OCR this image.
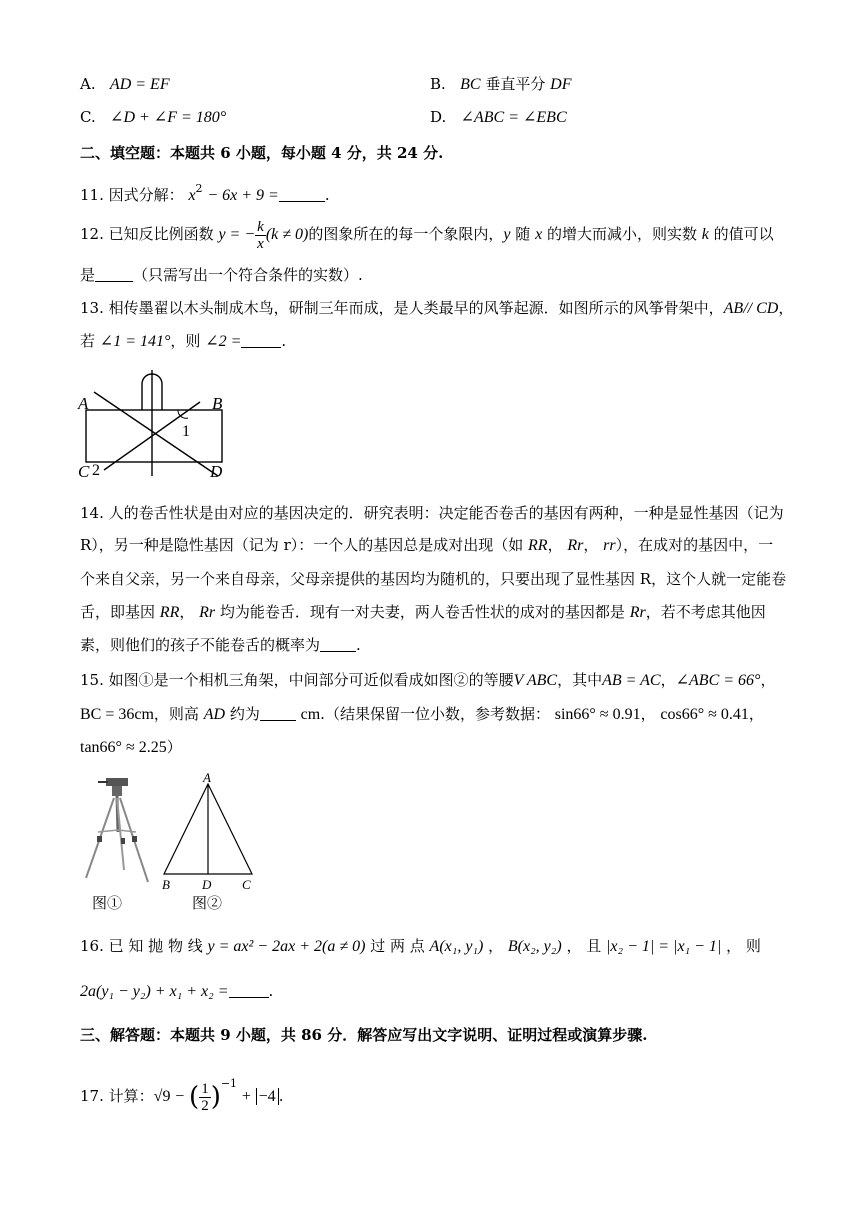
A. AD = EF	B. BC 垂直平分 DF
C. ∠D + ∠F = 180°	D. ∠ABC = ∠EBC
二、填空题：本题共 6 小题，每小题 4 分，共 24 分.
11. 因式分解： $x^2 - 6x + 9$ =	.
12. 已知反比例函数 y = − $\frac{k}{x} (k \ne 0)$的图象所在的每一个象限内，y 随 x 的增大而减小，则实数 k 的值可以
是	（只需写出一个符合条件的实数）.
13. 相传墨翟以木头制成木鸟，研制三年而成，是人类最早的风筝起源．如图所示的风筝骨架中，AB// CD，
若 ∠1 = 141°，则 ∠2 =	.
A	B
C	D
1
2
14. 人的卷舌性状是由对应的基因决定的．研究表明：决定能否卷舌的基因有两种，一种是显性基因（记为
R），另一种是隐性基因（记为 r）：一个人的基因总是成对出现（如 RR， Rr， rr），在成对的基因中，一
个来自父亲，另一个来自母亲，父母亲提供的基因均为随机的，只要出现了显性基因 R，这个人就一定能卷
舌，即基因 RR， Rr 均为能卷舌．现有一对夫妻，两人卷舌性状的成对的基因都是 Rr，若不考虑其他因
素，则他们的孩子不能卷舌的概率为 .
15. 如图①是一个相机三角架，中间部分可近似看成如图②的等腰V ABC，其中AB = AC，∠ABC = 66°，
BC = 36cm，则高 AD 约为	cm.（结果保留一位小数，参考数据： sin66° ≈ 0.91， cos66° ≈ 0.41，
tan66° ≈ 2.25）
图①
A
B D C
图②
16. 已 知 抛 物 线 y = ax² − 2ax + 2(a ≠ 0) 过 两 点 A(x₁, y₁) ， B(x₂, y₂) ， 且 |x₂ − 1| = |x₁ − 1| ， 则
2a(y₁ − y₂) + x₁ + x₂ =	.
三、解答题：本题共 9 小题，共 86 分．解答应写出文字说明、证明过程或演算步骤.
17. 计算：√9 − ( $\frac{1}{2} )^{-1} + -4$ .
